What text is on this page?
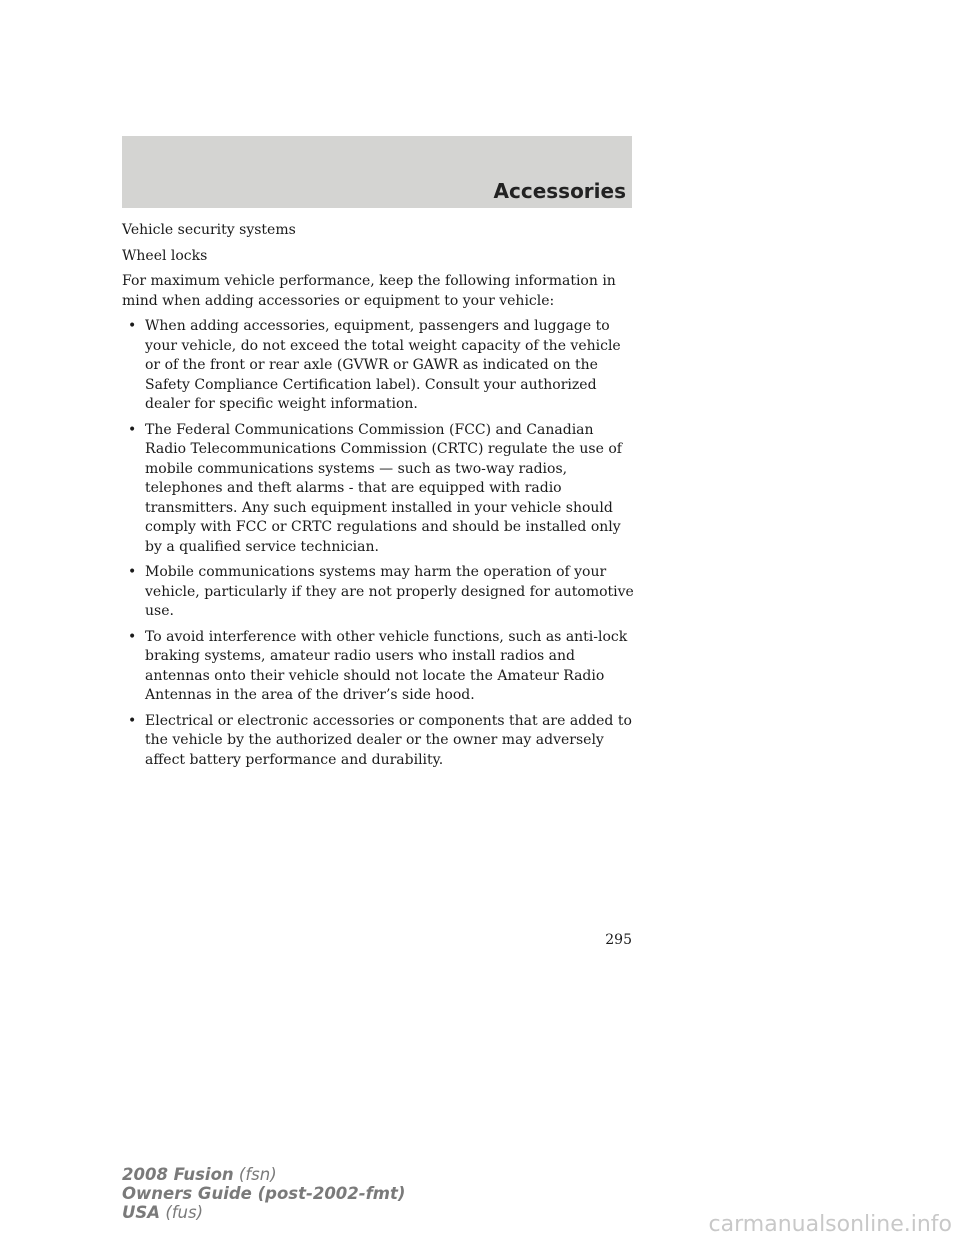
Accessories

Vehicle security systems

Wheel locks

For maximum vehicle performance, keep the following information in mind when adding accessories or equipment to your vehicle:

• When adding accessories, equipment, passengers and luggage to your vehicle, do not exceed the total weight capacity of the vehicle or of the front or rear axle (GVWR or GAWR as indicated on the Safety Compliance Certification label). Consult your authorized dealer for specific weight information.
• The Federal Communications Commission (FCC) and Canadian Radio Telecommunications Commission (CRTC) regulate the use of mobile communications systems — such as two-way radios, telephones and theft alarms - that are equipped with radio transmitters. Any such equipment installed in your vehicle should comply with FCC or CRTC regulations and should be installed only by a qualified service technician.
• Mobile communications systems may harm the operation of your vehicle, particularly if they are not properly designed for automotive use.
• To avoid interference with other vehicle functions, such as anti-lock braking systems, amateur radio users who install radios and antennas onto their vehicle should not locate the Amateur Radio Antennas in the area of the driver’s side hood.
• Electrical or electronic accessories or components that are added to the vehicle by the authorized dealer or the owner may adversely affect battery performance and durability.
295
2008 Fusion (fsn)
Owners Guide (post-2002-fmt)
USA (fus)	carmanualsonline.info
